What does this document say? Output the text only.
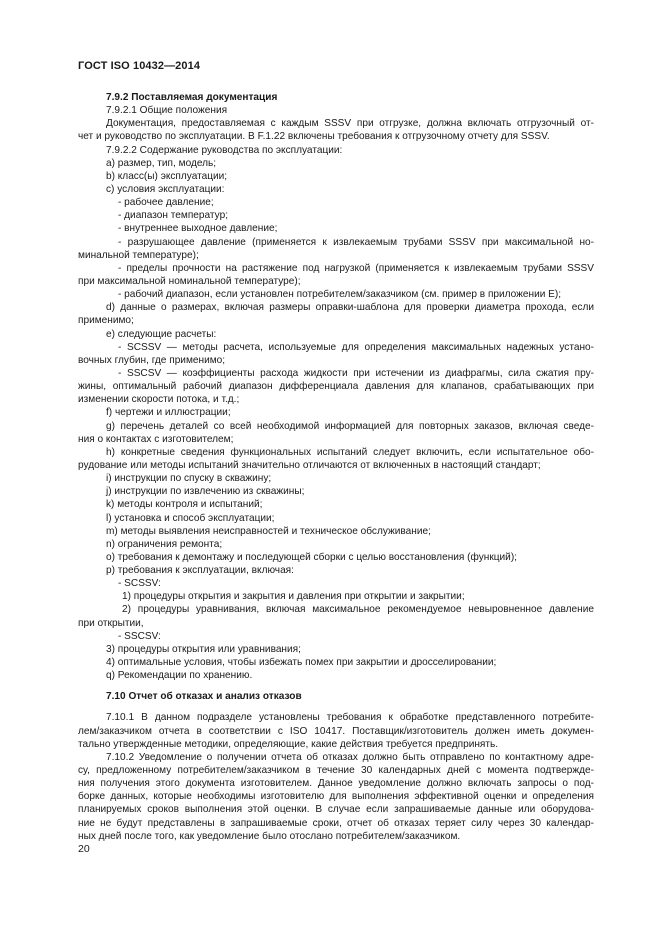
ГОСТ ISO 10432—2014
7.9.2 Поставляемая документация
7.9.2.1 Общие положения
Документация, предоставляемая с каждым SSSV при отгрузке, должна включать отгрузочный от-
чет и руководство по эксплуатации. В F.1.22 включены требования к отгрузочному отчету для SSSV.
7.9.2.2 Содержание руководства по эксплуатации:
а) размер, тип, модель;
b) класс(ы) эксплуатации;
с) условия эксплуатации:
- рабочее давление;
- диапазон температур;
- внутреннее выходное давление;
- разрушающее давление (применяется к извлекаемым трубами SSSV при максимальной но-
минальной температуре);
- пределы прочности на растяжение под нагрузкой (применяется к извлекаемым трубами SSSV
при максимальной номинальной температуре);
- рабочий диапазон, если установлен потребителем/заказчиком (см. пример в приложении Е);
d) данные о размерах, включая размеры оправки-шаблона для проверки диаметра прохода, если
применимо;
е) следующие расчеты:
- SCSSV — методы расчета, используемые для определения максимальных надежных устано-
вочных глубин, где применимо;
- SSCSV — коэффициенты расхода жидкости при истечении из диафрагмы, сила сжатия пру-
жины, оптимальный рабочий диапазон дифференциала давления для клапанов, срабатывающих при
изменении скорости потока, и т.д.;
f) чертежи и иллюстрации;
g) перечень деталей со всей необходимой информацией для повторных заказов, включая сведе-
ния о контактах с изготовителем;
h) конкретные сведения функциональных испытаний следует включить, если испытательное обо-
рудование или методы испытаний значительно отличаются от включенных в настоящий стандарт;
i) инструкции по спуску в скважину;
j) инструкции по извлечению из скважины;
k) методы контроля и испытаний;
l) установка и способ эксплуатации;
m) методы выявления неисправностей и техническое обслуживание;
n) ограничения ремонта;
о) требования к демонтажу и последующей сборки с целью восстановления (функций);
р) требования к эксплуатации, включая:
- SCSSV:
1) процедуры открытия и закрытия и давления при открытии и закрытии;
2) процедуры уравнивания, включая максимальное рекомендуемое невыровненное давление
при открытии,
- SSCSV:
3) процедуры открытия или уравнивания;
4) оптимальные условия, чтобы избежать помех при закрытии и дросселировании;
q) Рекомендации по хранению.
7.10 Отчет об отказах и анализ отказов
7.10.1 В данном подразделе установлены требования к обработке представленного потребите-
лем/заказчиком отчета в соответствии с ISO 10417. Поставщик/изготовитель должен иметь докумен-
тально утвержденные методики, определяющие, какие действия требуется предпринять.
7.10.2 Уведомление о получении отчета об отказах должно быть отправлено по контактному адре-
су, предложенному потребителем/заказчиком в течение 30 календарных дней с момента подтвержде-
ния получения этого документа изготовителем. Данное уведомление должно включать запросы о под-
борке данных, которые необходимы изготовителю для выполнения эффективной оценки и определения
планируемых сроков выполнения этой оценки. В случае если запрашиваемые данные или оборудова-
ние не будут представлены в запрашиваемые сроки, отчет об отказах теряет силу через 30 календар-
ных дней после того, как уведомление было отослано потребителем/заказчиком.
20
